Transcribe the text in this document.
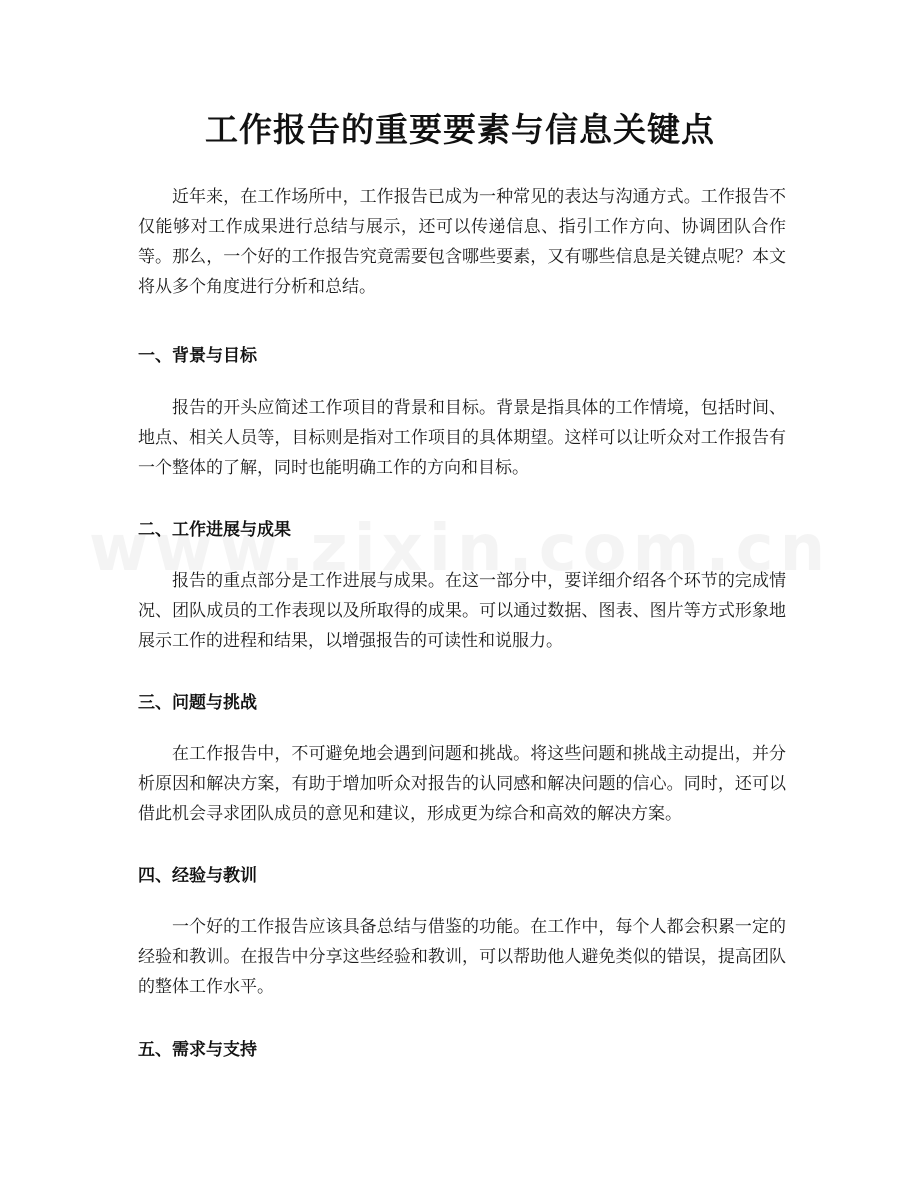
工作报告的重要要素与信息关键点

近年来，在工作场所中，工作报告已成为一种常见的表达与沟通方式。工作报告不仅能够对工作成果进行总结与展示，还可以传递信息、指引工作方向、协调团队合作等。那么，一个好的工作报告究竟需要包含哪些要素，又有哪些信息是关键点呢？本文将从多个角度进行分析和总结。

一、背景与目标

报告的开头应简述工作项目的背景和目标。背景是指具体的工作情境，包括时间、地点、相关人员等，目标则是指对工作项目的具体期望。这样可以让听众对工作报告有一个整体的了解，同时也能明确工作的方向和目标。

二、工作进展与成果

报告的重点部分是工作进展与成果。在这一部分中，要详细介绍各个环节的完成情况、团队成员的工作表现以及所取得的成果。可以通过数据、图表、图片等方式形象地展示工作的进程和结果，以增强报告的可读性和说服力。

三、问题与挑战

在工作报告中，不可避免地会遇到问题和挑战。将这些问题和挑战主动提出，并分析原因和解决方案，有助于增加听众对报告的认同感和解决问题的信心。同时，还可以借此机会寻求团队成员的意见和建议，形成更为综合和高效的解决方案。

四、经验与教训

一个好的工作报告应该具备总结与借鉴的功能。在工作中，每个人都会积累一定的经验和教训。在报告中分享这些经验和教训，可以帮助他人避免类似的错误，提高团队的整体工作水平。

五、需求与支持
